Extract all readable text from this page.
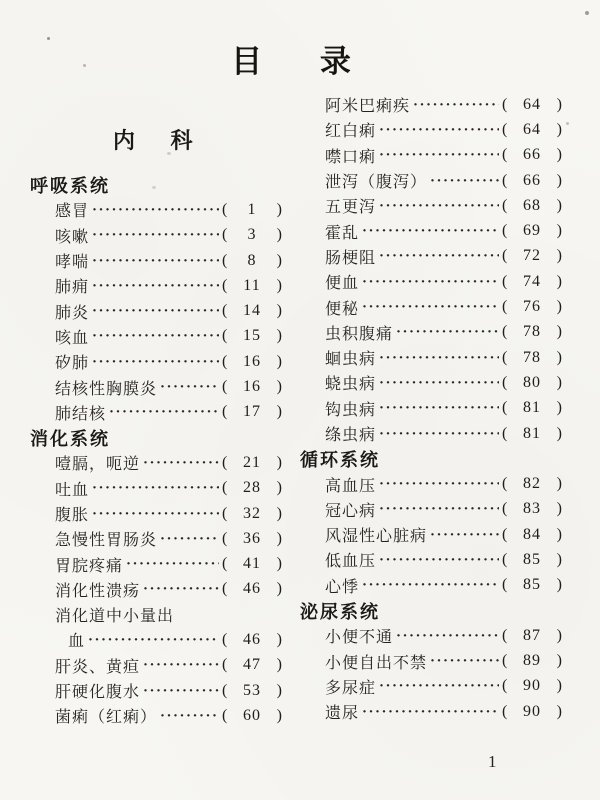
目 录
内 科
呼吸系统
感冒 ·····	(	1	)
咳嗽 ·····	(	3	)
哮喘 ·····	(	8	)
肺痈 ·····	( 11 )
肺炎 ·····	( 14 )
咳血 ·····	( 15 )
矽肺 ·····	( 16 )
结核性胸膜炎 ·····	( 16 )
肺结核 ·····	( 17 )
消化系统
噎膈，呃逆 ·····	( 21 )
吐血 ·····	( 28 )
腹胀 ·····	( 32 )
急慢性胃肠炎 ·····	( 36 )
胃脘疼痛 ·····	( 41 )
消化性溃疡 ·····	( 46 )
消化道中小量出
血 ·····	( 46 )
肝炎、黄疸 ·····	( 47 )
肝硬化腹水 ·····	( 53 )
菌痢（红痢） ·····	( 60 )
阿米巴痢疾 ·····	( 64 )
红白痢 ·····	( 64 )
噤口痢 ·····	( 66 )
泄泻（腹泻） ·····	( 66 )
五更泻 ·····	( 68 )
霍乱 ·····	( 69 )
肠梗阻 ·····	( 72 )
便血 ·····	( 74 )
便秘 ·····	( 76 )
虫积腹痛 ·····	( 78 )
蛔虫病 ·····	( 78 )
蛲虫病 ·····	( 80 )
钩虫病 ·····	( 81 )
绦虫病 ·····	( 81 )
循环系统
高血压 ·····	( 82 )
冠心病 ·····	( 83 )
风湿性心脏病 ·····	( 84 )
低血压 ·····	( 85 )
心悸 ·····	( 85 )
泌尿系统
小便不通 ·····	( 87 )
小便自出不禁 ·····	( 89 )
多尿症 ·····	( 90 )
遗尿 ·····	( 90 )
1
